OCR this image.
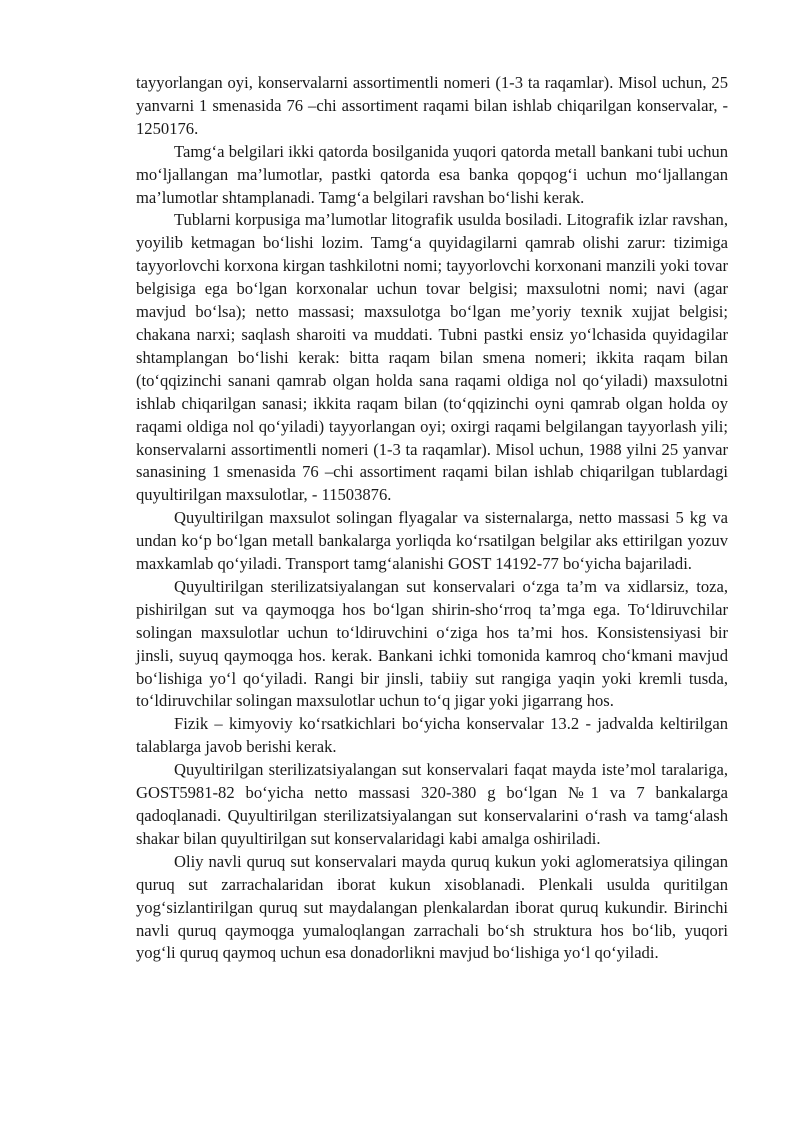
tayyorlangan oyi, konservalarni assortimentli nomeri (1-3 ta raqamlar). Misol uchun, 25 yanvarni 1 smenasida 76 –chi assortiment raqami bilan ishlab chiqarilgan konservalar, - 1250176.

Tamg‘a belgilari ikki qatorda bosilganida yuqori qatorda metall bankani tubi uchun mo‘ljallangan ma’lumotlar, pastki qatorda esa banka qopqog‘i uchun mo‘ljallangan ma’lumotlar shtamplanadi. Tamg‘a belgilari ravshan bo‘lishi kerak.

Tublarni korpusiga ma’lumotlar litografik usulda bosiladi. Litografik izlar ravshan, yoyilib ketmagan bo‘lishi lozim. Tamg‘a quyidagilarni qamrab olishi zarur: tizimiga tayyorlovchi korxona kirgan tashkilotni nomi; tayyorlovchi korxonani manzili yoki tovar belgisiga ega bo‘lgan korxonalar uchun tovar belgisi; maxsulotni nomi; navi (agar mavjud bo‘lsa); netto massasi; maxsulotga bo‘lgan me’yoriy texnik xujjat belgisi; chakana narxi; saqlash sharoiti va muddati. Tubni pastki ensiz yo‘lchasida quyidagilar shtamplangan bo‘lishi kerak: bitta raqam bilan smena nomeri; ikkita raqam bilan (to‘qqizinchi sanani qamrab olgan holda sana raqami oldiga nol qo‘yiladi) maxsulotni ishlab chiqarilgan sanasi; ikkita raqam bilan (to‘qqizinchi oyni qamrab olgan holda oy raqami oldiga nol qo‘yiladi) tayyorlangan oyi; oxirgi raqami belgilangan tayyorlash yili; konservalarni assortimentli nomeri (1-3 ta raqamlar). Misol uchun, 1988 yilni 25 yanvar sanasining 1 smenasida 76 –chi assortiment raqami bilan ishlab chiqarilgan tublardagi quyultirilgan maxsulotlar, - 11503876.

Quyultirilgan maxsulot solingan flyagalar va sisternalarga, netto massasi 5 kg va undan ko‘p bo‘lgan metall bankalarga yorliqda ko‘rsatilgan belgilar aks ettirilgan yozuv maxkamlab qo‘yiladi. Transport tamg‘alanishi GOST 14192-77 bo‘yicha bajariladi.

Quyultirilgan sterilizatsiyalangan sut konservalari o‘zga ta’m va xidlarsiz, toza, pishirilgan sut va qaymoqga hos bo‘lgan shirin-sho‘rroq ta’mga ega. To‘ldiruvchilar solingan maxsulotlar uchun to‘ldiruvchini o‘ziga hos ta’mi hos. Konsistensiyasi bir jinsli, suyuq qaymoqga hos. kerak. Bankani ichki tomonida kamroq cho‘kmani mavjud bo‘lishiga yo‘l qo‘yiladi. Rangi bir jinsli, tabiiy sut rangiga yaqin yoki kremli tusda, to‘ldiruvchilar solingan maxsulotlar uchun to‘q jigar yoki jigarrang hos.

Fizik – kimyoviy ko‘rsatkichlari bo‘yicha konservalar 13.2 - jadvalda keltirilgan talablarga javob berishi kerak.

Quyultirilgan sterilizatsiyalangan sut konservalari faqat mayda iste’mol taralariga, GOST5981-82 bo‘yicha netto massasi 320-380 g bo‘lgan №1 va 7 bankalarga qadoqlanadi. Quyultirilgan sterilizatsiyalangan sut konservalarini o‘rash va tamg‘alash shakar bilan quyultirilgan sut konservalaridagi kabi amalga oshiriladi.

Oliy navli quruq sut konservalari mayda quruq kukun yoki aglomeratsiya qilingan quruq sut zarrachalaridan iborat kukun xisoblanadi. Plenkali usulda quritilgan yog‘sizlantirilgan quruq sut maydalangan plenkalardan iborat quruq kukundir. Birinchi navli quruq qaymoqga yumaloqlangan zarrachali bo‘sh struktura hos bo‘lib, yuqori yog‘li quruq qaymoq uchun esa donadorlikni mavjud bo‘lishiga yo‘l qo‘yiladi.
